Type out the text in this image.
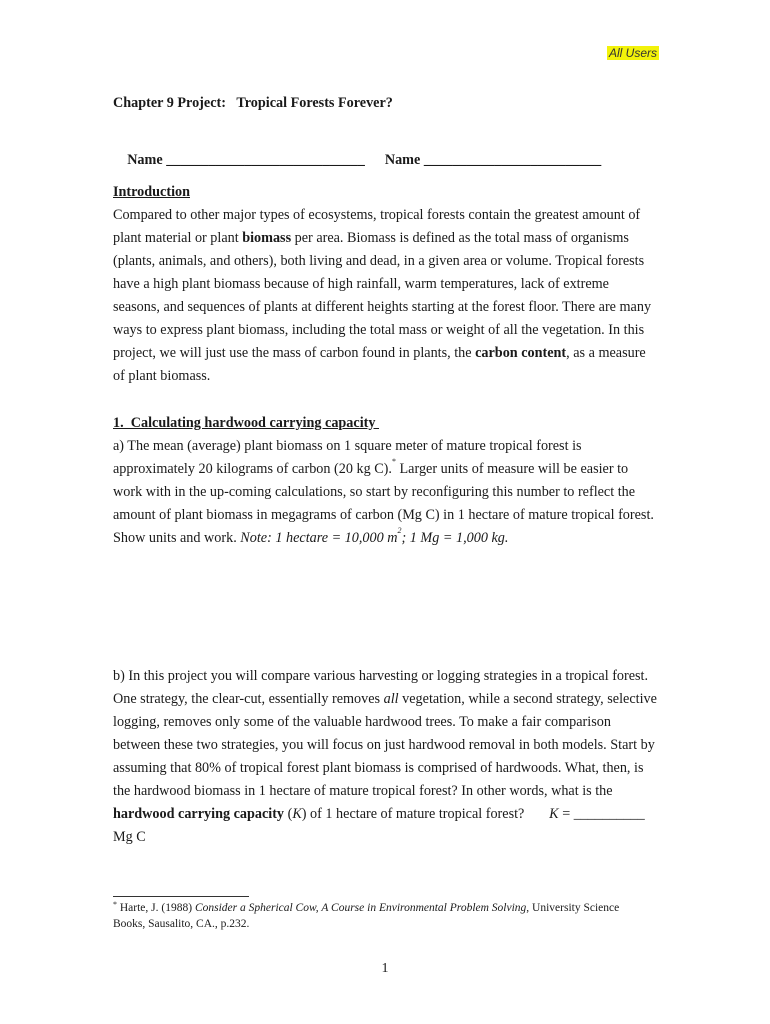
All Users
Chapter 9 Project:   Tropical Forests Forever?

Name ____________________________ Name _________________________

Introduction
Compared to other major types of ecosystems, tropical forests contain the greatest amount of plant material or plant biomass per area. Biomass is defined as the total mass of organisms (plants, animals, and others), both living and dead, in a given area or volume. Tropical forests have a high plant biomass because of high rainfall, warm temperatures, lack of extreme seasons, and sequences of plants at different heights starting at the forest floor. There are many ways to express plant biomass, including the total mass or weight of all the vegetation. In this project, we will just use the mass of carbon found in plants, the carbon content, as a measure of plant biomass.
1.  Calculating hardwood carrying capacity
a) The mean (average) plant biomass on 1 square meter of mature tropical forest is approximately 20 kilograms of carbon (20 kg C).* Larger units of measure will be easier to work with in the up-coming calculations, so start by reconfiguring this number to reflect the amount of plant biomass in megagrams of carbon (Mg C) in 1 hectare of mature tropical forest. Show units and work. Note: 1 hectare = 10,000 $m^2$; 1 Mg = 1,000 kg.
b) In this project you will compare various harvesting or logging strategies in a tropical forest. One strategy, the clear-cut, essentially removes all vegetation, while a second strategy, selective logging, removes only some of the valuable hardwood trees. To make a fair comparison between these two strategies, you will focus on just hardwood removal in both models. Start by assuming that 80% of tropical forest plant biomass is comprised of hardwoods. What, then, is the hardwood biomass in 1 hectare of mature tropical forest? In other words, what is the hardwood carrying capacity (K) of 1 hectare of mature tropical forest?       K = __________ Mg C
* Harte, J. (1988) Consider a Spherical Cow, A Course in Environmental Problem Solving, University Science Books, Sausalito, CA., p.232.
1
